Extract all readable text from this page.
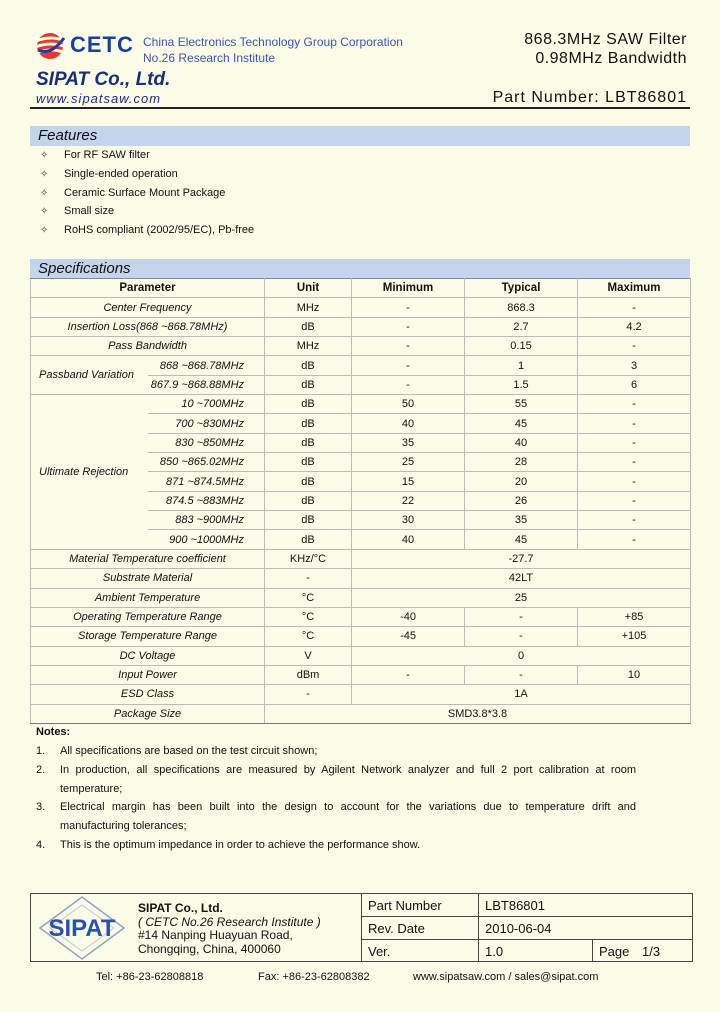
CETC China Electronics Technology Group Corporation
No.26 Research Institute
SIPAT Co., Ltd.
www.sipatsaw.com
868.3MHz SAW Filter
0.98MHz Bandwidth
Part Number: LBT86801
Features
✧ For RF SAW filter
✧ Single-ended operation
✧ Ceramic Surface Mount Package
✧ Small size
✧ RoHS compliant (2002/95/EC), Pb-free
Specifications
Parameter		Unit	Minimum	Typical	Maximum
Center Frequency		MHz	-	868.3	-
Insertion Loss(868 ~868.78MHz)		dB	-	2.7	4.2
Pass Bandwidth		MHz	-	0.15	-
Passband Variation	868 ~868.78MHz	dB	-	1	3
	867.9 ~868.88MHz	dB	-	1.5	6
Ultimate Rejection	10 ~700MHz	dB	50	55	-
	700 ~830MHz	dB	40	45	-
	830 ~850MHz	dB	35	40	-
	850 ~865.02MHz	dB	25	28	-
	871 ~874.5MHz	dB	15	20	-
	874.5 ~883MHz	dB	22	26	-
	883 ~900MHz	dB	30	35	-
	900 ~1000MHz	dB	40	45	-
Material Temperature coefficient		KHz/°C	-27.7		
Substrate Material		-	42LT		
Ambient Temperature		°C	25		
Operating Temperature Range		°C	-40	-	+85
Storage Temperature Range		°C	-45	-	+105
DC Voltage		V	0		
Input Power		dBm	-	-	10
ESD Class		-	1A		
Package Size		SMD3.8*3.8			
Notes:
1. All specifications are based on the test circuit shown;
2. In production, all specifications are measured by Agilent Network analyzer and full 2 port calibration at room temperature;
3. Electrical margin has been built into the design to account for the variations due to temperature drift and manufacturing tolerances;
4. This is the optimum impedance in order to achieve the performance show.
SIPAT
SIPAT Co., Ltd.
( CETC No.26 Research Institute )
#14 Nanping Huayuan Road,
Chongqing, China, 400060
Part Number	LBT86801
Rev. Date	2010-06-04
Ver.	1.0	Page 1/3
Tel: +86-23-62808818	Fax: +86-23-62808382	www.sipatsaw.com / sales@sipat.com
